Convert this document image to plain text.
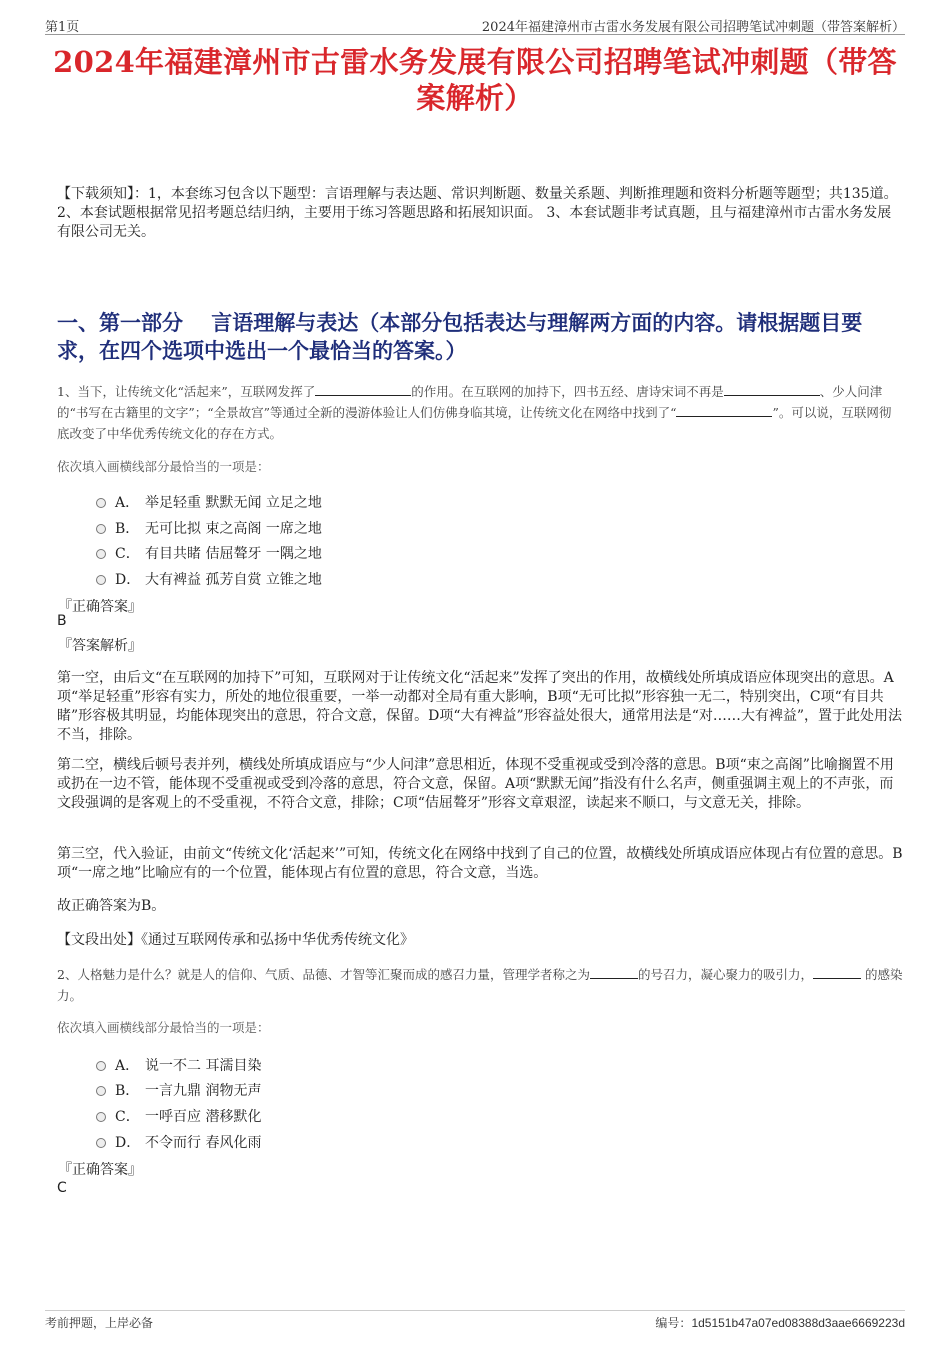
第1页	2024年福建漳州市古雷水务发展有限公司招聘笔试冲刺题（带答案解析）
2024年福建漳州市古雷水务发展有限公司招聘笔试冲刺题（带答案解析）

【下载须知】：1，本套练习包含以下题型：言语理解与表达题、常识判断题、数量关系题、判断推理题和资料分析题等题型；共135道。 2、本套试题根据常见招考题总结归纳，主要用于练习答题思路和拓展知识面。 3、本套试题非考试真题，且与福建漳州市古雷水务发展有限公司无关。

一、第一部分　 言语理解与表达（本部分包括表达与理解两方面的内容。请根据题目要求，在四个选项中选出一个最恰当的答案。）

1、当下，让传统文化“活起来”，互联网发挥了	的作用。在互联网的加持下，四书五经、唐诗宋词不再是	、少人问津的“书写在古籍里的文字”；“全景故宫”等通过全新的漫游体验让人们仿佛身临其境，让传统文化在网络中找到了“	”。可以说，互联网彻底改变了中华优秀传统文化的存在方式。

依次填入画横线部分最恰当的一项是：
A． 举足轻重 默默无闻 立足之地
B． 无可比拟 束之高阁 一席之地
C． 有目共睹 佶屈聱牙 一隅之地
D． 大有裨益 孤芳自赏 立锥之地
『正确答案』
B
『答案解析』

第一空，由后文“在互联网的加持下”可知，互联网对于让传统文化“活起来”发挥了突出的作用，故横线处所填成语应体现突出的意思。A项“举足轻重”形容有实力，所处的地位很重要，一举一动都对全局有重大影响，B项“无可比拟”形容独一无二，特别突出，C项“有目共睹”形容极其明显，均能体现突出的意思，符合文意，保留。D项“大有裨益”形容益处很大，通常用法是“对……大有裨益”，置于此处用法不当，排除。

第二空，横线后顿号表并列，横线处所填成语应与“少人问津”意思相近，体现不受重视或受到冷落的意思。B项“束之高阁”比喻搁置不用或扔在一边不管，能体现不受重视或受到冷落的意思，符合文意，保留。A项“默默无闻”指没有什么名声，侧重强调主观上的不声张，而文段强调的是客观上的不受重视，不符合文意，排除；C项“佶屈聱牙”形容文章艰涩，读起来不顺口，与文意无关，排除。

第三空，代入验证，由前文“传统文化‘活起来’”可知，传统文化在网络中找到了自己的位置，故横线处所填成语应体现占有位置的意思。B项“一席之地”比喻应有的一个位置，能体现占有位置的意思，符合文意，当选。

故正确答案为B。

【文段出处】《通过互联网传承和弘扬中华优秀传统文化》

2、人格魅力是什么？就是人的信仰、气质、品德、才智等汇聚而成的感召力量，管理学者称之为	的号召力，凝心聚力的吸引力，	的感染力。

依次填入画横线部分最恰当的一项是：
A． 说一不二 耳濡目染
B． 一言九鼎 润物无声
C． 一呼百应 潜移默化
D． 不令而行 春风化雨
『正确答案』
C
考前押题，上岸必备	编号：1d5151b47a07ed08388d3aae6669223d
